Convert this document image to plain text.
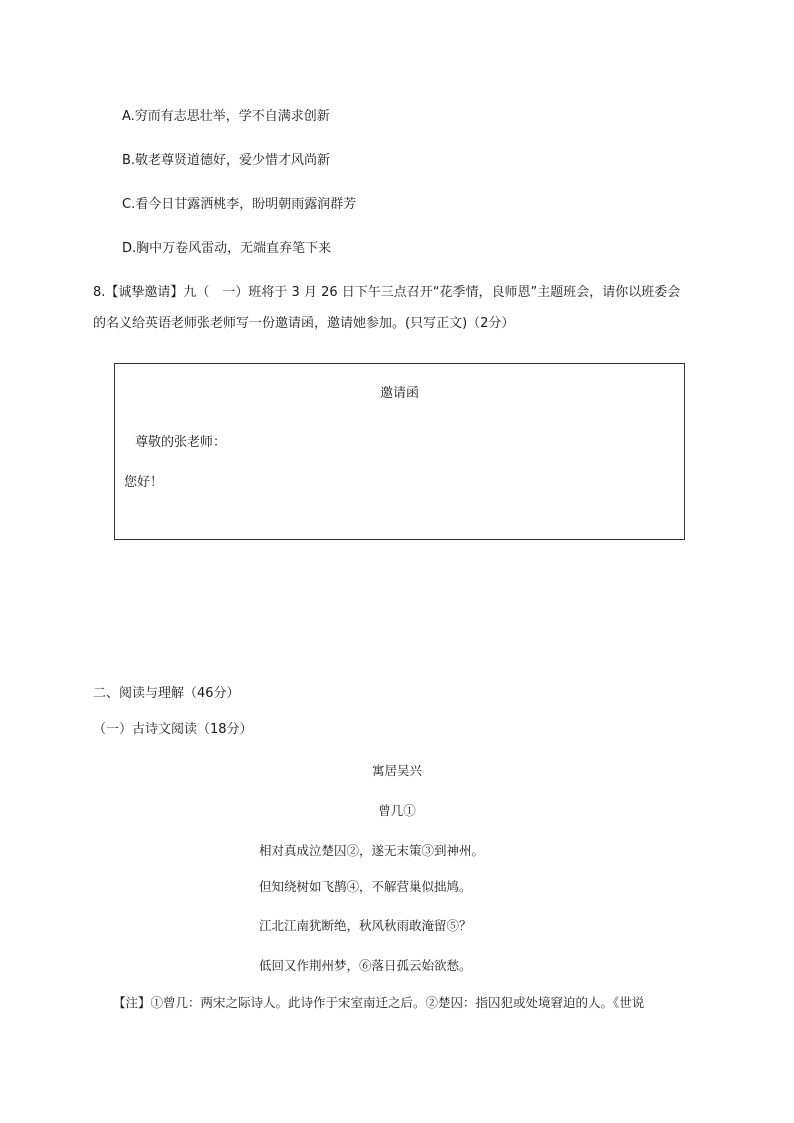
A.穷而有志思壮举，学不自满求创新
B.敬老尊贤道德好，爱少惜才风尚新
C.看今日甘露洒桃李，盼明朝雨露润群芳
D.胸中万卷风雷动，无端直弃笔下来
8.【诚挚邀请】九（　一）班将于 3 月 26 日下午三点召开“花季情，良师恩”主题班会，请你以班委会
的名义给英语老师张老师写一份邀请函，邀请她参加。(只写正文)（2分）
邀请函
尊敬的张老师：
您好！
二、阅读与理解（46分）
（一）古诗文阅读（18分）
寓居吴兴
曾几①
相对真成泣楚囚②，遂无末策③到神州。
但知绕树如飞鹊④，不解营巢似拙鸠。
江北江南犹断绝，秋风秋雨敢淹留⑤？
低回又作荆州梦，⑥落日孤云始欲愁。
【注】①曾几：两宋之际诗人。此诗作于宋室南迁之后。②楚囚：指囚犯或处境窘迫的人。《世说
